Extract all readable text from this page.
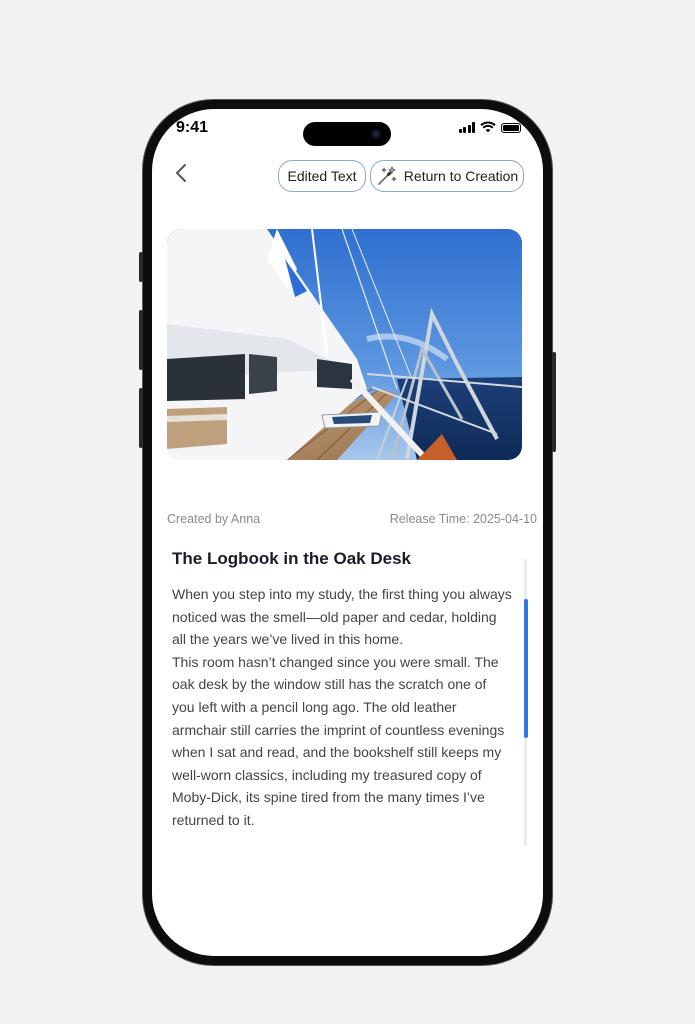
9:41
Edited Text	Return to Creation
Created by Anna	Release Time: 2025-04-10
The Logbook in the Oak Desk

When you step into my study, the first thing you always noticed was the smell—old paper and cedar, holding all the years we’ve lived in this home.

This room hasn’t changed since you were small. The oak desk by the window still has the scratch one of you left with a pencil long ago. The old leather armchair still carries the imprint of countless evenings when I sat and read, and the bookshelf still keeps my well-worn classics, including my treasured copy of Moby-Dick, its spine tired from the many times I’ve returned to it.
